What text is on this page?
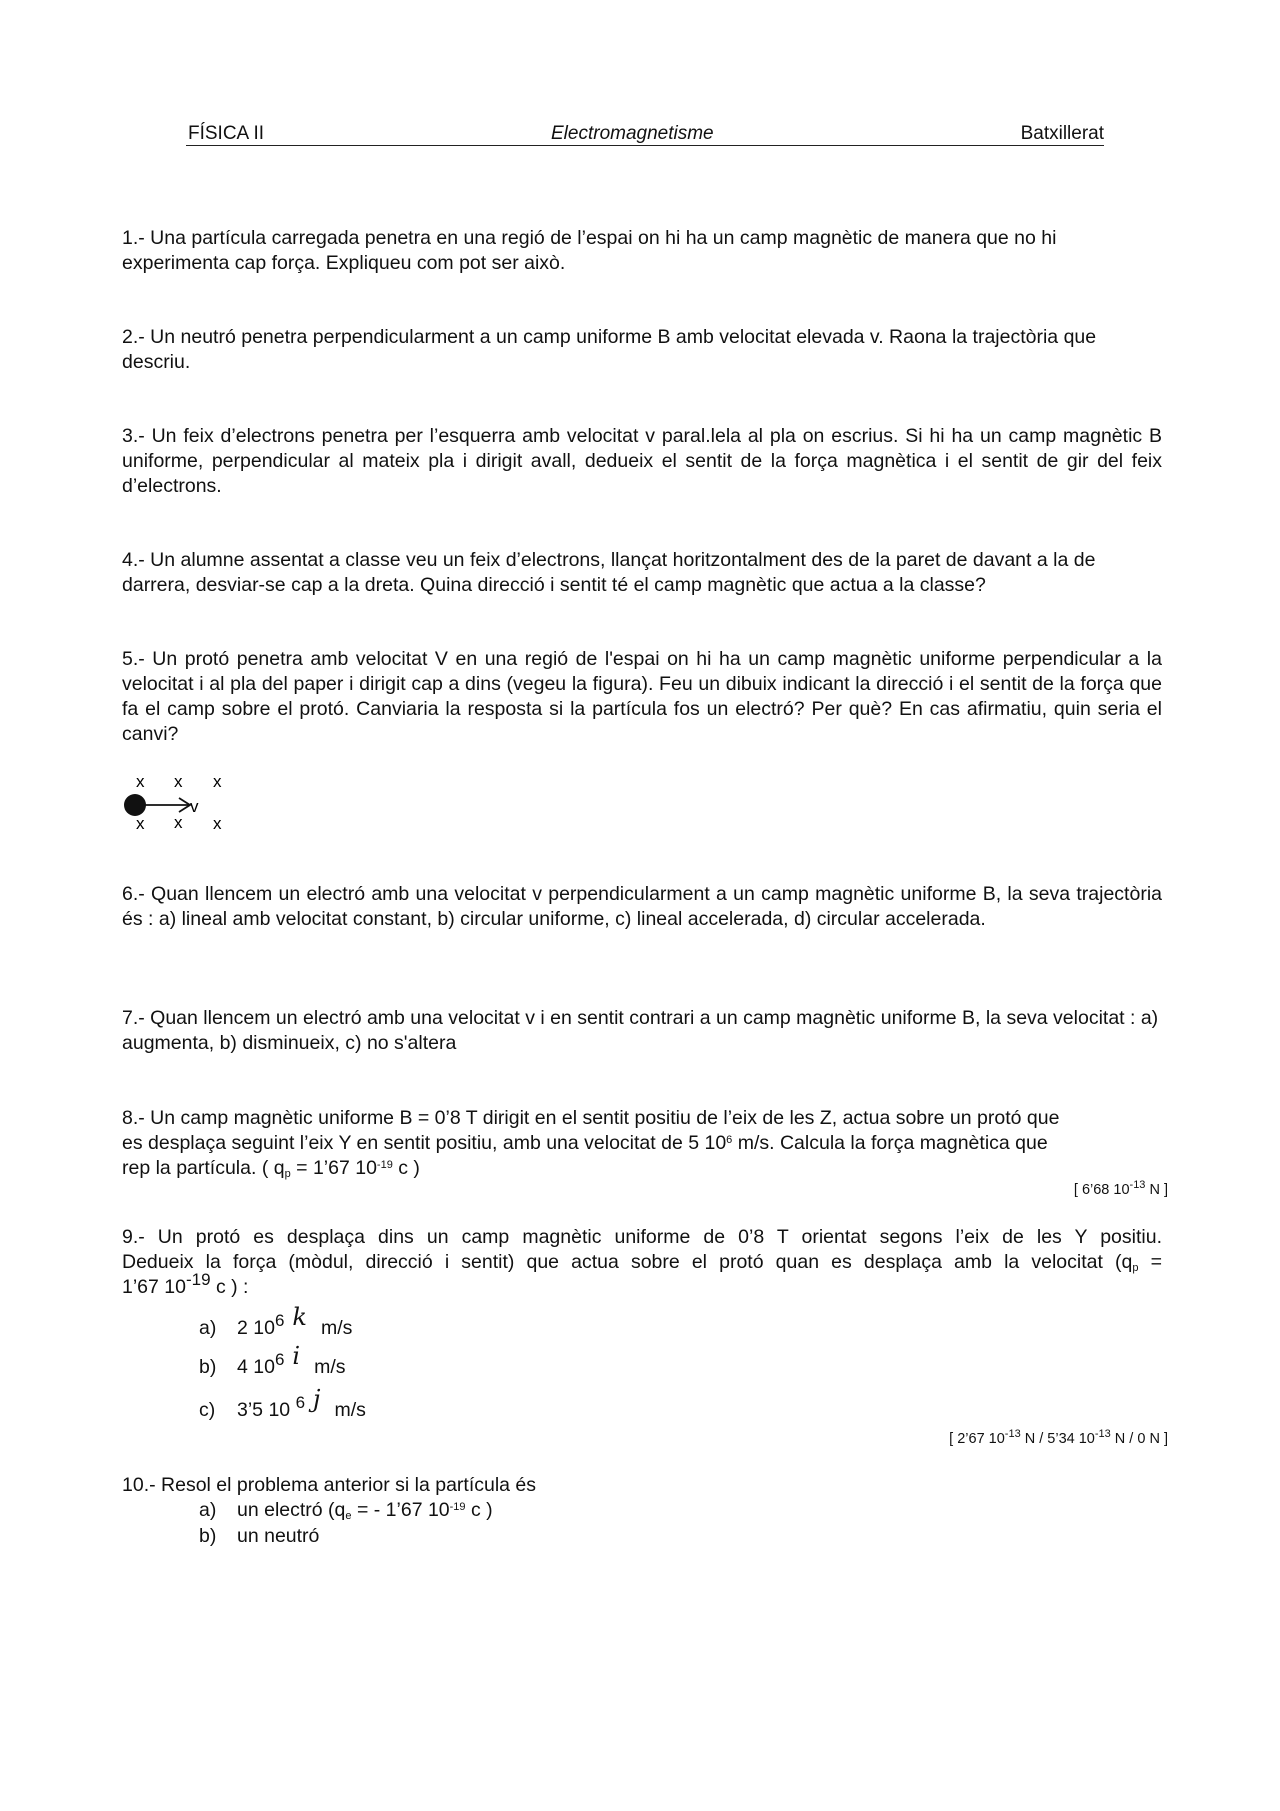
FÍSICA II	Electromagnetisme	Batxillerat

1.- Una partícula carregada penetra en una regió de l’espai on hi ha un camp magnètic de manera que no hi experimenta cap força. Expliqueu com pot ser això.

2.- Un neutró penetra perpendicularment a un camp uniforme B amb velocitat elevada v. Raona la trajectòria que descriu.

3.- Un feix d’electrons penetra per l’esquerra amb velocitat v paral.lela al pla on escrius. Si hi ha un camp magnètic B uniforme, perpendicular al mateix pla i dirigit avall, dedueix el sentit de la força magnètica i el sentit de gir del feix d’electrons.

4.- Un alumne assentat a classe veu un feix d’electrons, llançat horitzontalment des de la paret de davant a la de darrera, desviar-se cap a la dreta. Quina direcció i sentit té el camp magnètic que actua a la classe?

5.- Un protó penetra amb velocitat V en una regió de l'espai on hi ha un camp magnètic uniforme perpendicular a la velocitat i al pla del paper i dirigit cap a dins (vegeu la figura). Feu un dibuix indicant la direcció i el sentit de la força que fa el camp sobre el protó. Canviaria la resposta si la partícula fos un electró? Per què? En cas afirmatiu, quin seria el canvi?

x x x
x x x
v

6.- Quan llencem un electró amb una velocitat v perpendicularment a un camp magnètic uniforme B, la seva trajectòria és : a) lineal amb velocitat constant, b) circular uniforme, c) lineal accelerada, d) circular accelerada.

7.- Quan llencem un electró amb una velocitat v i en sentit contrari a un camp magnètic uniforme B, la seva velocitat : a) augmenta, b) disminueix, c) no s'altera

8.- Un camp magnètic uniforme B = 0’8 T dirigit en el sentit positiu de l’eix de les Z, actua sobre un protó que

es desplaça seguint l’eix Y en sentit positiu, amb una velocitat de 5 $10^6$ m/s. Calcula la força magnètica que

rep la partícula. ( $q_p$ = 1’67 $10^{-19}$ c )

[ 6’68 $10^{-13}$ N ]

9.- Un protó es desplaça dins un camp magnètic uniforme de 0’8 T orientat segons l’eix de les Y positiu.

Dedueix la força (mòdul, direcció i sentit) que actua sobre el protó quan es desplaça amb la velocitat ($q_p$ =

1’67 $10^{-19}$ c ) :

a) 2 $10^6$ k m/s
b) 4 $10^6$ i m/s
c) 3’5 10 $^6$ j m/s
[ 2’67 $10^{-13}$ N / 5’34 $10^{-13}$ N / 0 N ]

10.- Resol el problema anterior si la partícula és

a) un electró ($q_e$ = - 1’67 $10^{-19}$ c )
b) un neutró
